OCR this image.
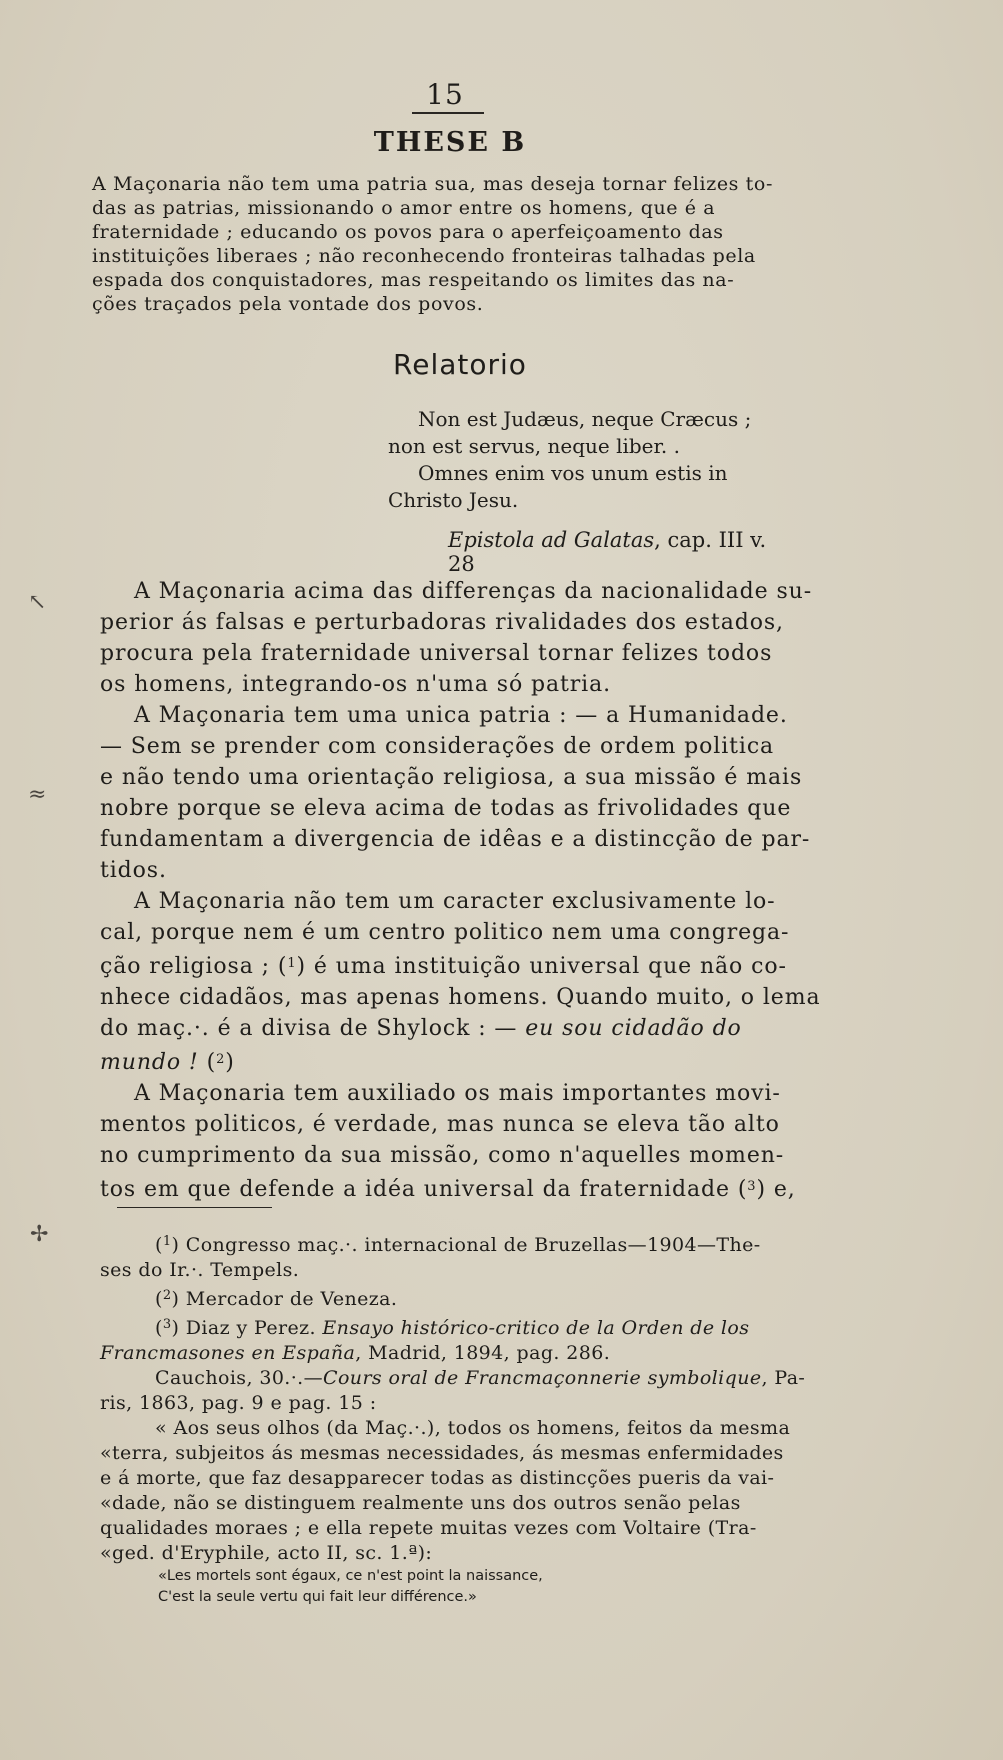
↖
≈
✢
15
THESE B
A Maçonaria não tem uma patria sua, mas deseja tornar felizes to-
das as patrias, missionando o amor entre os homens, que é a
fraternidade ; educando os povos para o aperfeiçoamento das
instituições liberaes ; não reconhecendo fronteiras talhadas pela
espada dos conquistadores, mas respeitando os limites das na-
ções traçados pela vontade dos povos.
Relatorio
Non est Judæus, neque Cræcus ;
non est servus, neque liber. .
Omnes enim vos unum estis in
Christo Jesu.
Epistola ad Galatas, cap. III v. 28

A Maçonaria acima das differenças da nacionalidade su-
perior ás falsas e perturbadoras rivalidades dos estados,
procura pela fraternidade universal tornar felizes todos
os homens, integrando-os n'uma só patria.

A Maçonaria tem uma unica patria : — a Humanidade.

— Sem se prender com considerações de ordem politica
e não tendo uma orientação religiosa, a sua missão é mais
nobre porque se eleva acima de todas as frivolidades que
fundamentam a divergencia de idêas e a distincção de par-
tidos.

A Maçonaria não tem um caracter exclusivamente lo-
cal, porque nem é um centro politico nem uma congrega-
ção religiosa ; ($^1$) é uma instituição universal que não co-
nhece cidadãos, mas apenas homens. Quando muito, o lema
do maç.·. é a divisa de Shylock : — eu sou cidadão do
mundo ! ($^2$)

A Maçonaria tem auxiliado os mais importantes movi-
mentos politicos, é verdade, mas nunca se eleva tão alto
no cumprimento da sua missão, como n'aquelles momen-
tos em que defende a idéa universal da fraternidade ($^3$) e,

($^1$) Congresso maç.·. internacional de Bruzellas—1904—The-
ses do Ir.·. Tempels.
($^2$) Mercador de Veneza.
($^3$) Diaz y Perez. Ensayo histórico-critico de la Orden de los
Francmasones en España, Madrid, 1894, pag. 286.
Cauchois, 30.·.—Cours oral de Francmaçonnerie symbolique, Pa-
ris, 1863, pag. 9 e pag. 15 :
« Aos seus olhos (da Maç.·.), todos os homens, feitos da mesma
«terra, subjeitos ás mesmas necessidades, ás mesmas enfermidades
e á morte, que faz desapparecer todas as distincções pueris da vai-
«dade, não se distinguem realmente uns dos outros senão pelas
qualidades moraes ; e ella repete muitas vezes com Voltaire (Tra-
«ged. d'Eryphile, acto II, sc. 1.ª):
«Les mortels sont égaux, ce n'est point la naissance,
C'est la seule vertu qui fait leur différence.»
